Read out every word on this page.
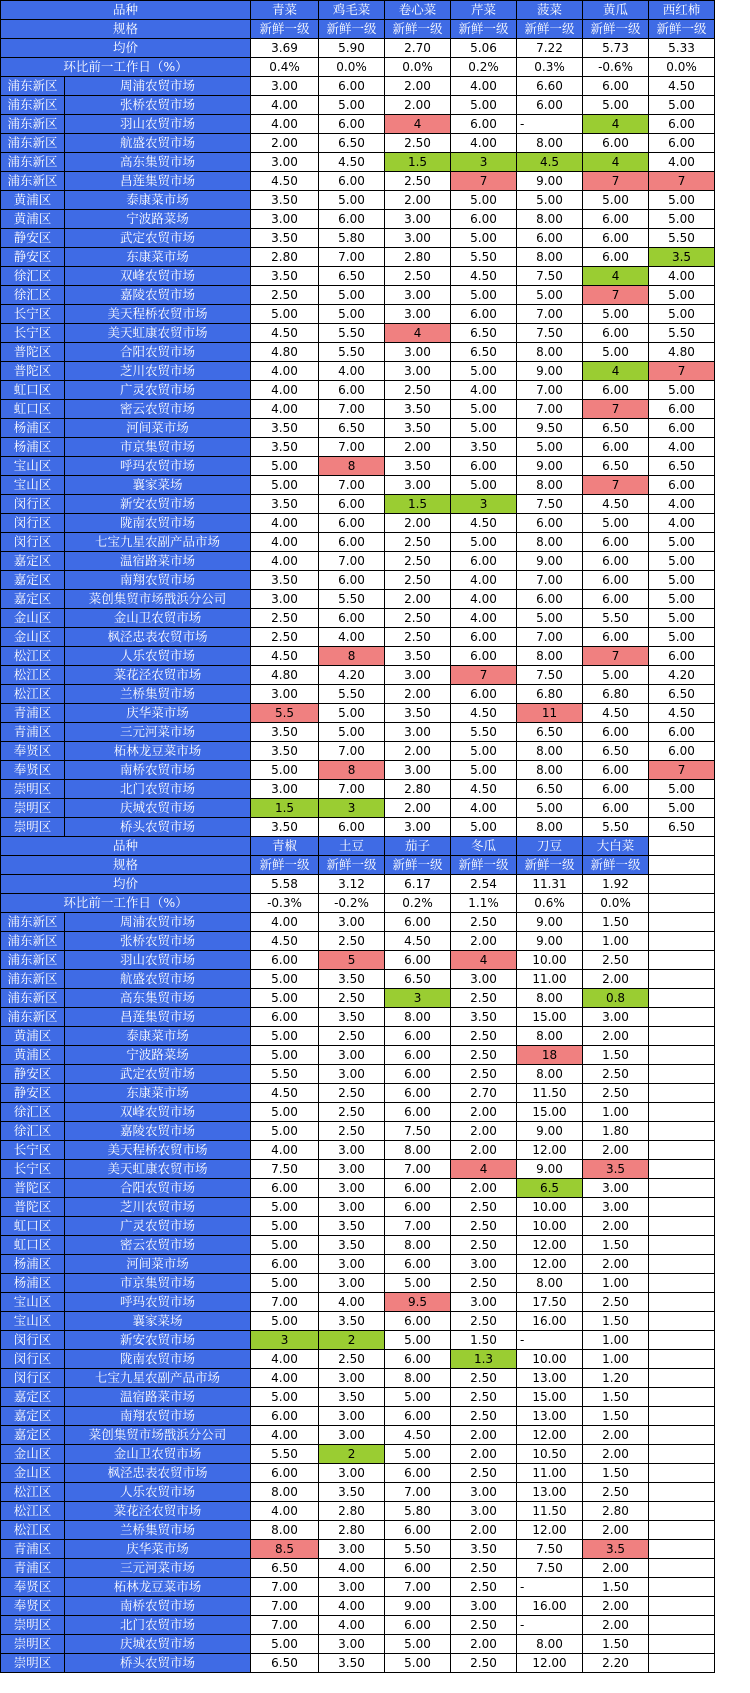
品种		青菜	鸡毛菜	卷心菜	芹菜	菠菜	黄瓜	西红柿
规格		新鲜一级	新鲜一级	新鲜一级	新鲜一级	新鲜一级	新鲜一级	新鲜一级
均价		3.69	5.90	2.70	5.06	7.22	5.73	5.33
环比前一工作日（%）		0.4%	0.0%	0.0%	0.2%	0.3%	-0.6%	0.0%
浦东新区	周浦农贸市场	3.00	6.00	2.00	4.00	6.60	6.00	4.50
浦东新区	张桥农贸市场	4.00	5.00	2.00	5.00	6.00	5.00	5.00
浦东新区	羽山农贸市场	4.00	6.00	4	6.00	-	4	6.00
浦东新区	航盛农贸市场	2.00	6.50	2.50	4.00	8.00	6.00	6.00
浦东新区	高东集贸市场	3.00	4.50	1.5	3	4.5	4	4.00
浦东新区	昌莲集贸市场	4.50	6.00	2.50	7	9.00	7	7
黄浦区	泰康菜市场	3.50	5.00	2.00	5.00	5.00	5.00	5.00
黄浦区	宁波路菜场	3.00	6.00	3.00	6.00	8.00	6.00	5.00
静安区	武定农贸市场	3.50	5.80	3.00	5.00	6.00	6.00	5.50
静安区	东康菜市场	2.80	7.00	2.80	5.50	8.00	6.00	3.5
徐汇区	双峰农贸市场	3.50	6.50	2.50	4.50	7.50	4	4.00
徐汇区	嘉陵农贸市场	2.50	5.00	3.00	5.00	5.00	7	5.00
长宁区	美天程桥农贸市场	5.00	5.00	3.00	6.00	7.00	5.00	5.00
长宁区	美天虹康农贸市场	4.50	5.50	4	6.50	7.50	6.00	5.50
普陀区	合阳农贸市场	4.80	5.50	3.00	6.50	8.00	5.00	4.80
普陀区	芝川农贸市场	4.00	4.00	3.00	5.00	9.00	4	7
虹口区	广灵农贸市场	4.00	6.00	2.50	4.00	7.00	6.00	5.00
虹口区	密云农贸市场	4.00	7.00	3.50	5.00	7.00	7	6.00
杨浦区	河间菜市场	3.50	6.50	3.50	5.00	9.50	6.50	6.00
杨浦区	市京集贸市场	3.50	7.00	2.00	3.50	5.00	6.00	4.00
宝山区	呼玛农贸市场	5.00	8	3.50	6.00	9.00	6.50	6.50
宝山区	襄家菜场	5.00	7.00	3.00	5.00	8.00	7	6.00
闵行区	新安农贸市场	3.50	6.00	1.5	3	7.50	4.50	4.00
闵行区	陇南农贸市场	4.00	6.00	2.00	4.50	6.00	5.00	4.00
闵行区	七宝九星农副产品市场	4.00	6.00	2.50	5.00	8.00	6.00	5.00
嘉定区	温宿路菜市场	4.00	7.00	2.50	6.00	9.00	6.00	5.00
嘉定区	南翔农贸市场	3.50	6.00	2.50	4.00	7.00	6.00	5.00
嘉定区	菜创集贸市场戬浜分公司	3.00	5.50	2.00	4.00	6.00	6.00	5.00
金山区	金山卫农贸市场	2.50	6.00	2.50	4.00	5.00	5.50	5.00
金山区	枫泾忠表农贸市场	2.50	4.00	2.50	6.00	7.00	6.00	5.00
松江区	人乐农贸市场	4.50	8	3.50	6.00	8.00	7	6.00
松江区	菜花泾农贸市场	4.80	4.20	3.00	7	7.50	5.00	4.20
松江区	兰桥集贸市场	3.00	5.50	2.00	6.00	6.80	6.80	6.50
青浦区	庆华菜市场	5.5	5.00	3.50	4.50	11	4.50	4.50
青浦区	三元河菜市场	3.50	5.00	3.00	5.50	6.50	6.00	6.00
奉贤区	柘林龙豆菜市场	3.50	7.00	2.00	5.00	8.00	6.50	6.00
奉贤区	南桥农贸市场	5.00	8	3.00	5.00	8.00	6.00	7
崇明区	北门农贸市场	3.00	7.00	2.80	4.50	6.50	6.00	5.00
崇明区	庆城农贸市场	1.5	3	2.00	4.00	5.00	6.00	5.00
崇明区	桥头农贸市场	3.50	6.00	3.00	5.00	8.00	5.50	6.50
品种		青椒	土豆	茄子	冬瓜	刀豆	大白菜	
规格		新鲜一级	新鲜一级	新鲜一级	新鲜一级	新鲜一级	新鲜一级	
均价		5.58	3.12	6.17	2.54	11.31	1.92	
环比前一工作日（%）		-0.3%	-0.2%	0.2%	1.1%	0.6%	0.0%	
浦东新区	周浦农贸市场	4.00	3.00	6.00	2.50	9.00	1.50	
浦东新区	张桥农贸市场	4.50	2.50	4.50	2.00	9.00	1.00	
浦东新区	羽山农贸市场	6.00	5	6.00	4	10.00	2.50	
浦东新区	航盛农贸市场	5.00	3.50	6.50	3.00	11.00	2.00	
浦东新区	高东集贸市场	5.00	2.50	3	2.50	8.00	0.8	
浦东新区	昌莲集贸市场	6.00	3.50	8.00	3.50	15.00	3.00	
黄浦区	泰康菜市场	5.00	2.50	6.00	2.50	8.00	2.00	
黄浦区	宁波路菜场	5.00	3.00	6.00	2.50	18	1.50	
静安区	武定农贸市场	5.50	3.00	6.00	2.50	8.00	2.50	
静安区	东康菜市场	4.50	2.50	6.00	2.70	11.50	2.50	
徐汇区	双峰农贸市场	5.00	2.50	6.00	2.00	15.00	1.00	
徐汇区	嘉陵农贸市场	5.00	2.50	7.50	2.00	9.00	1.80	
长宁区	美天程桥农贸市场	4.00	3.00	8.00	2.00	12.00	2.00	
长宁区	美天虹康农贸市场	7.50	3.00	7.00	4	9.00	3.5	
普陀区	合阳农贸市场	6.00	3.00	6.00	2.00	6.5	3.00	
普陀区	芝川农贸市场	5.00	3.00	6.00	2.50	10.00	3.00	
虹口区	广灵农贸市场	5.00	3.50	7.00	2.50	10.00	2.00	
虹口区	密云农贸市场	5.00	3.50	8.00	2.50	12.00	1.50	
杨浦区	河间菜市场	6.00	3.00	6.00	3.00	12.00	2.00	
杨浦区	市京集贸市场	5.00	3.00	5.00	2.50	8.00	1.00	
宝山区	呼玛农贸市场	7.00	4.00	9.5	3.00	17.50	2.50	
宝山区	襄家菜场	5.00	3.50	6.00	2.50	16.00	1.50	
闵行区	新安农贸市场	3	2	5.00	1.50	-	1.00	
闵行区	陇南农贸市场	4.00	2.50	6.00	1.3	10.00	1.00	
闵行区	七宝九星农副产品市场	4.00	3.00	8.00	2.50	13.00	1.20	
嘉定区	温宿路菜市场	5.00	3.50	5.00	2.50	15.00	1.50	
嘉定区	南翔农贸市场	6.00	3.00	6.00	2.50	13.00	1.50	
嘉定区	菜创集贸市场戬浜分公司	4.00	3.00	4.50	2.00	12.00	2.00	
金山区	金山卫农贸市场	5.50	2	5.00	2.00	10.50	2.00	
金山区	枫泾忠表农贸市场	6.00	3.00	6.00	2.50	11.00	1.50	
松江区	人乐农贸市场	8.00	3.50	7.00	3.00	13.00	2.50	
松江区	菜花泾农贸市场	4.00	2.80	5.80	3.00	11.50	2.80	
松江区	兰桥集贸市场	8.00	2.80	6.00	2.00	12.00	2.00	
青浦区	庆华菜市场	8.5	3.00	5.50	3.50	7.50	3.5	
青浦区	三元河菜市场	6.50	4.00	6.00	2.50	7.50	2.00	
奉贤区	柘林龙豆菜市场	7.00	3.00	7.00	2.50	-	1.50	
奉贤区	南桥农贸市场	7.00	4.00	9.00	3.00	16.00	2.00	
崇明区	北门农贸市场	7.00	4.00	6.00	2.50	-	2.00	
崇明区	庆城农贸市场	5.00	3.00	5.00	2.00	8.00	1.50	
崇明区	桥头农贸市场	6.50	3.50	5.00	2.50	12.00	2.20	
